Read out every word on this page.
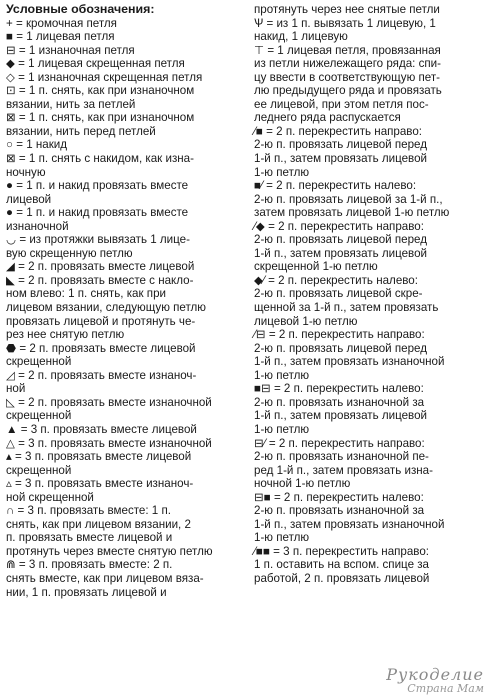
Условные обозначения:
+ = кромочная петля
■ = 1 лицевая петля
⊟ = 1 изнаночная петля
◆ = 1 лицевая скрещенная петля
◇ = 1 изнаночная скрещенная петля
⊡ = 1 п. снять, как при изнаночном
вязании, нить за петлей
⊠ = 1 п. снять, как при изнаночном
вязании, нить перед петлей
○ = 1 накид
⊠ = 1 п. снять с накидом, как изна-
ночную
● = 1 п. и накид провязать вместе
лицевой
● = 1 п. и накид провязать вместе
изнаночной
◡ = из протяжки вывязать 1 лице-
вую скрещенную петлю
◢ = 2 п. провязать вместе лицевой
◣ = 2 п. провязать вместе с накло-
ном влево: 1 п. снять, как при
лицевом вязании, следующую петлю
провязать лицевой и протянуть че-
рез нее снятую петлю
⬣ = 2 п. провязать вместе лицевой
скрещенной
◿ = 2 п. провязать вместе изнаноч-
ной
◺ = 2 п. провязать вместе изнаночной
скрещенной
▲ = 3 п. провязать вместе лицевой
△ = 3 п. провязать вместе изнаночной
▴ = 3 п. провязать вместе лицевой
скрещенной
▵ = 3 п. провязать вместе изнаноч-
ной скрещенной
∩ = 3 п. провязать вместе: 1 п.
снять, как при лицевом вязании, 2
п. провязать вместе лицевой и
протянуть через вместе снятую петлю
⋒ = 3 п. провязать вместе: 2 п.
снять вместе, как при лицевом вяза-
нии, 1 п. провязать лицевой и
протянуть через нее снятые петли
Ѱ = из 1 п. вывязать 1 лицевую, 1
накид, 1 лицевую
⊤ = 1 лицевая петля, провязанная
из петли нижележащего ряда: спи-
цу ввести в соответствующую пет-
лю предыдущего ряда и провязать
ее лицевой, при этом петля пос-
леднего ряда распускается
⁄■ = 2 п. перекрестить направо:
2-ю п. провязать лицевой перед
1-й п., затем провязать лицевой
1-ю петлю
■⁄ = 2 п. перекрестить налево:
2-ю п. провязать лицевой за 1-й п.,
затем провязать лицевой 1-ю петлю
⁄◆ = 2 п. перекрестить направо:
2-ю п. провязать лицевой перед
1-й п., затем провязать лицевой
скрещенной 1-ю петлю
◆⁄ = 2 п. перекрестить налево:
2-ю п. провязать лицевой скре-
щенной за 1-й п., затем провязать
лицевой 1-ю петлю
⁄⊟ = 2 п. перекрестить направо:
2-ю п. провязать лицевой перед
1-й п., затем провязать изнаночной
1-ю петлю
■⊟ = 2 п. перекрестить налево:
2-ю п. провязать изнаночной за
1-й п., затем провязать лицевой
1-ю петлю
⊟⁄ = 2 п. перекрестить направо:
2-ю п. провязать изнаночной пе-
ред 1-й п., затем провязать изна-
ночной 1-ю петлю
⊟■ = 2 п. перекрестить налево:
2-ю п. провязать изнаночной за
1-й п., затем провязать изнаночной
1-ю петлю
⁄■■ = 3 п. перекрестить направо:
1 п. оставить на вспом. спице за
работой, 2 п. провязать лицевой
Рукоделие
Страна Мам
